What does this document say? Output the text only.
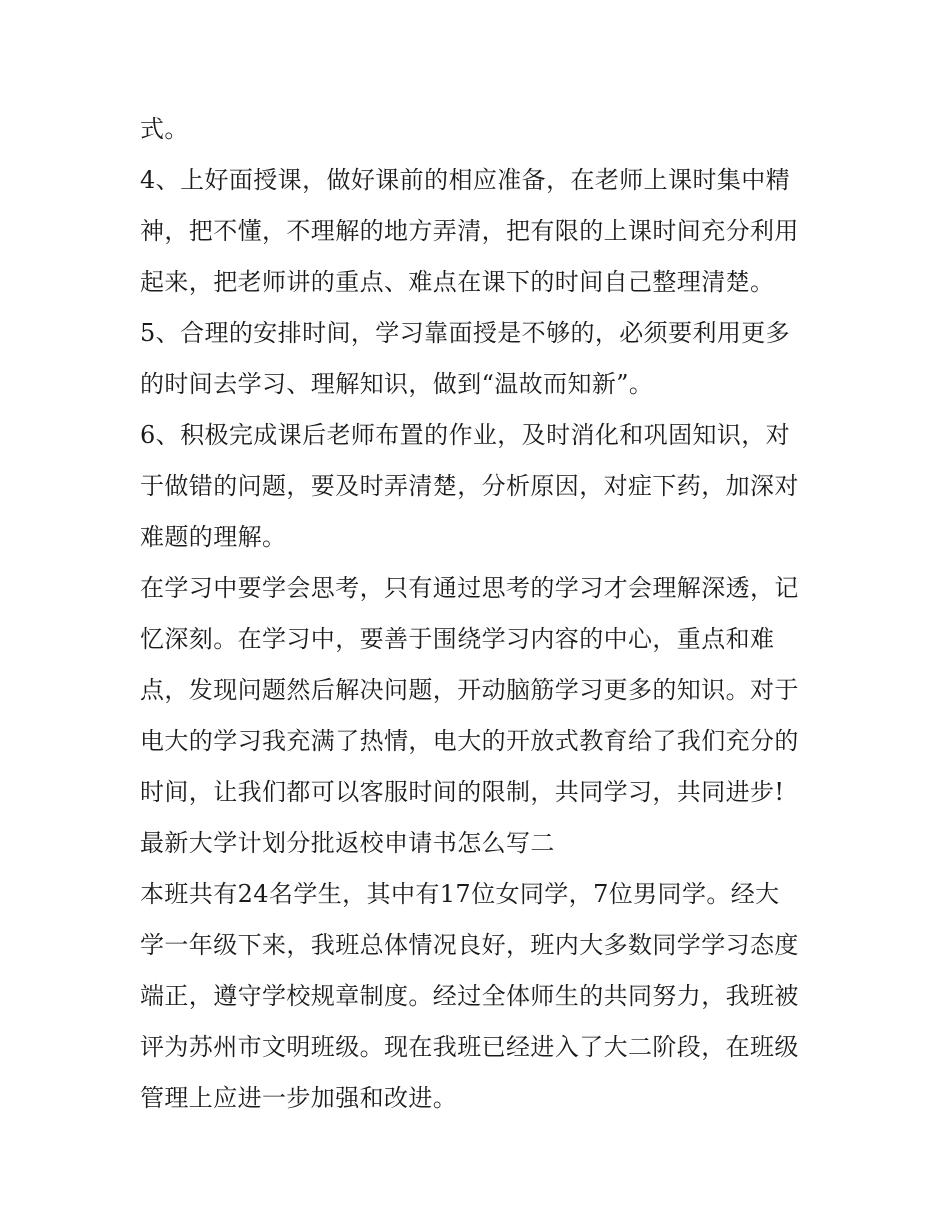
式。
4、上好面授课，做好课前的相应准备，在老师上课时集中精
神，把不懂，不理解的地方弄清，把有限的上课时间充分利用
起来，把老师讲的重点、难点在课下的时间自己整理清楚。
5、合理的安排时间，学习靠面授是不够的，必须要利用更多
的时间去学习、理解知识，做到“温故而知新”。
6、积极完成课后老师布置的作业，及时消化和巩固知识，对
于做错的问题，要及时弄清楚，分析原因，对症下药，加深对
难题的理解。
在学习中要学会思考，只有通过思考的学习才会理解深透，记
忆深刻。在学习中，要善于围绕学习内容的中心，重点和难
点，发现问题然后解决问题，开动脑筋学习更多的知识。对于
电大的学习我充满了热情，电大的开放式教育给了我们充分的
时间，让我们都可以客服时间的限制，共同学习，共同进步!
最新大学计划分批返校申请书怎么写二
本班共有24名学生，其中有17位女同学，7位男同学。经大
学一年级下来，我班总体情况良好，班内大多数同学学习态度
端正，遵守学校规章制度。经过全体师生的共同努力，我班被
评为苏州市文明班级。现在我班已经进入了大二阶段，在班级
管理上应进一步加强和改进。
